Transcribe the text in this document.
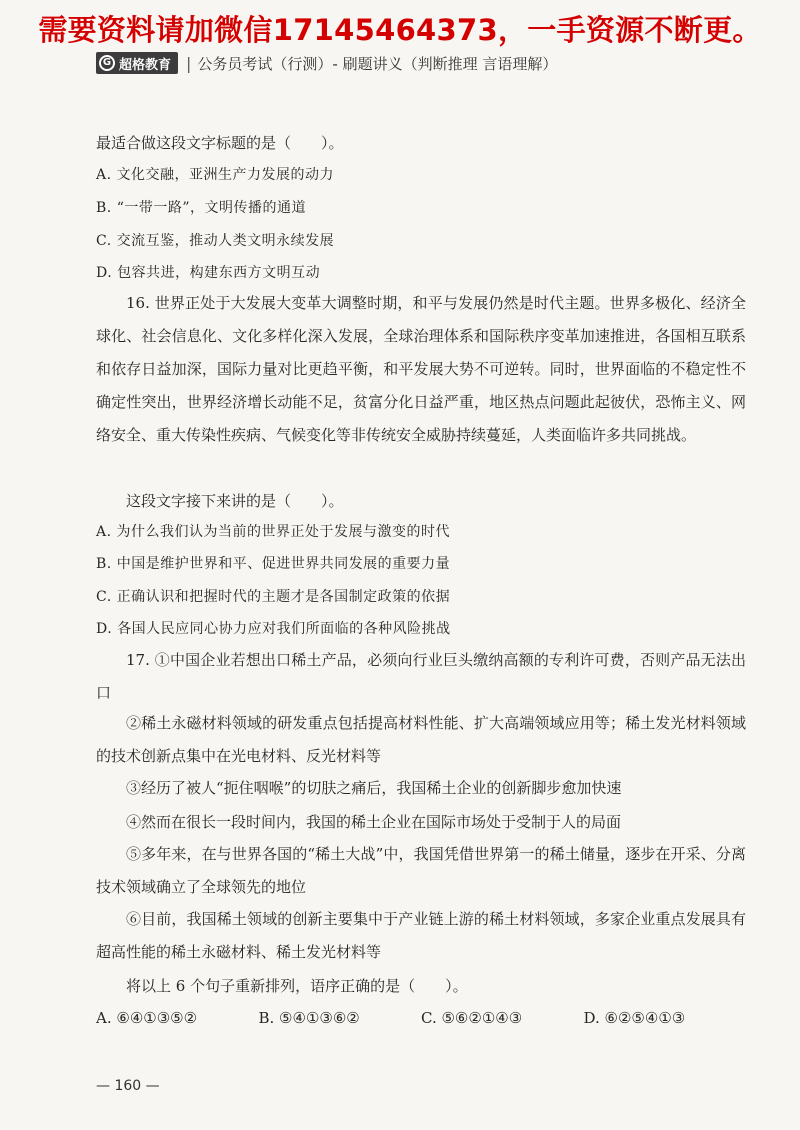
需要资料请加微信17145464373，一手资源不断更。
G 超格教育 | 公务员考试（行测）- 刷题讲义（判断推理 言语理解）
最适合做这段文字标题的是（　　）。
A. 文化交融，亚洲生产力发展的动力
B. “一带一路”，文明传播的通道
C. 交流互鉴，推动人类文明永续发展
D. 包容共进，构建东西方文明互动
16. 世界正处于大发展大变革大调整时期，和平与发展仍然是时代主题。世界多极化、经济全球化、社会信息化、文化多样化深入发展，全球治理体系和国际秩序变革加速推进，各国相互联系和依存日益加深，国际力量对比更趋平衡，和平发展大势不可逆转。同时，世界面临的不稳定性不确定性突出，世界经济增长动能不足，贫富分化日益严重，地区热点问题此起彼伏，恐怖主义、网络安全、重大传染性疾病、气候变化等非传统安全威胁持续蔓延，人类面临许多共同挑战。
这段文字接下来讲的是（　　）。
A. 为什么我们认为当前的世界正处于发展与激变的时代
B. 中国是维护世界和平、促进世界共同发展的重要力量
C. 正确认识和把握时代的主题才是各国制定政策的依据
D. 各国人民应同心协力应对我们所面临的各种风险挑战
17. ①中国企业若想出口稀土产品，必须向行业巨头缴纳高额的专利许可费，否则产品无法出口
②稀土永磁材料领域的研发重点包括提高材料性能、扩大高端领域应用等；稀土发光材料领域的技术创新点集中在光电材料、反光材料等
③经历了被人“扼住咽喉”的切肤之痛后，我国稀土企业的创新脚步愈加快速
④然而在很长一段时间内，我国的稀土企业在国际市场处于受制于人的局面
⑤多年来，在与世界各国的“稀土大战”中，我国凭借世界第一的稀土储量，逐步在开采、分离技术领域确立了全球领先的地位
⑥目前，我国稀土领域的创新主要集中于产业链上游的稀土材料领域，多家企业重点发展具有超高性能的稀土永磁材料、稀土发光材料等
将以上 6 个句子重新排列，语序正确的是（　　）。
A. ⑥④①③⑤②	B. ⑤④①③⑥②	C. ⑤⑥②①④③	D. ⑥②⑤④①③
— 160 —
